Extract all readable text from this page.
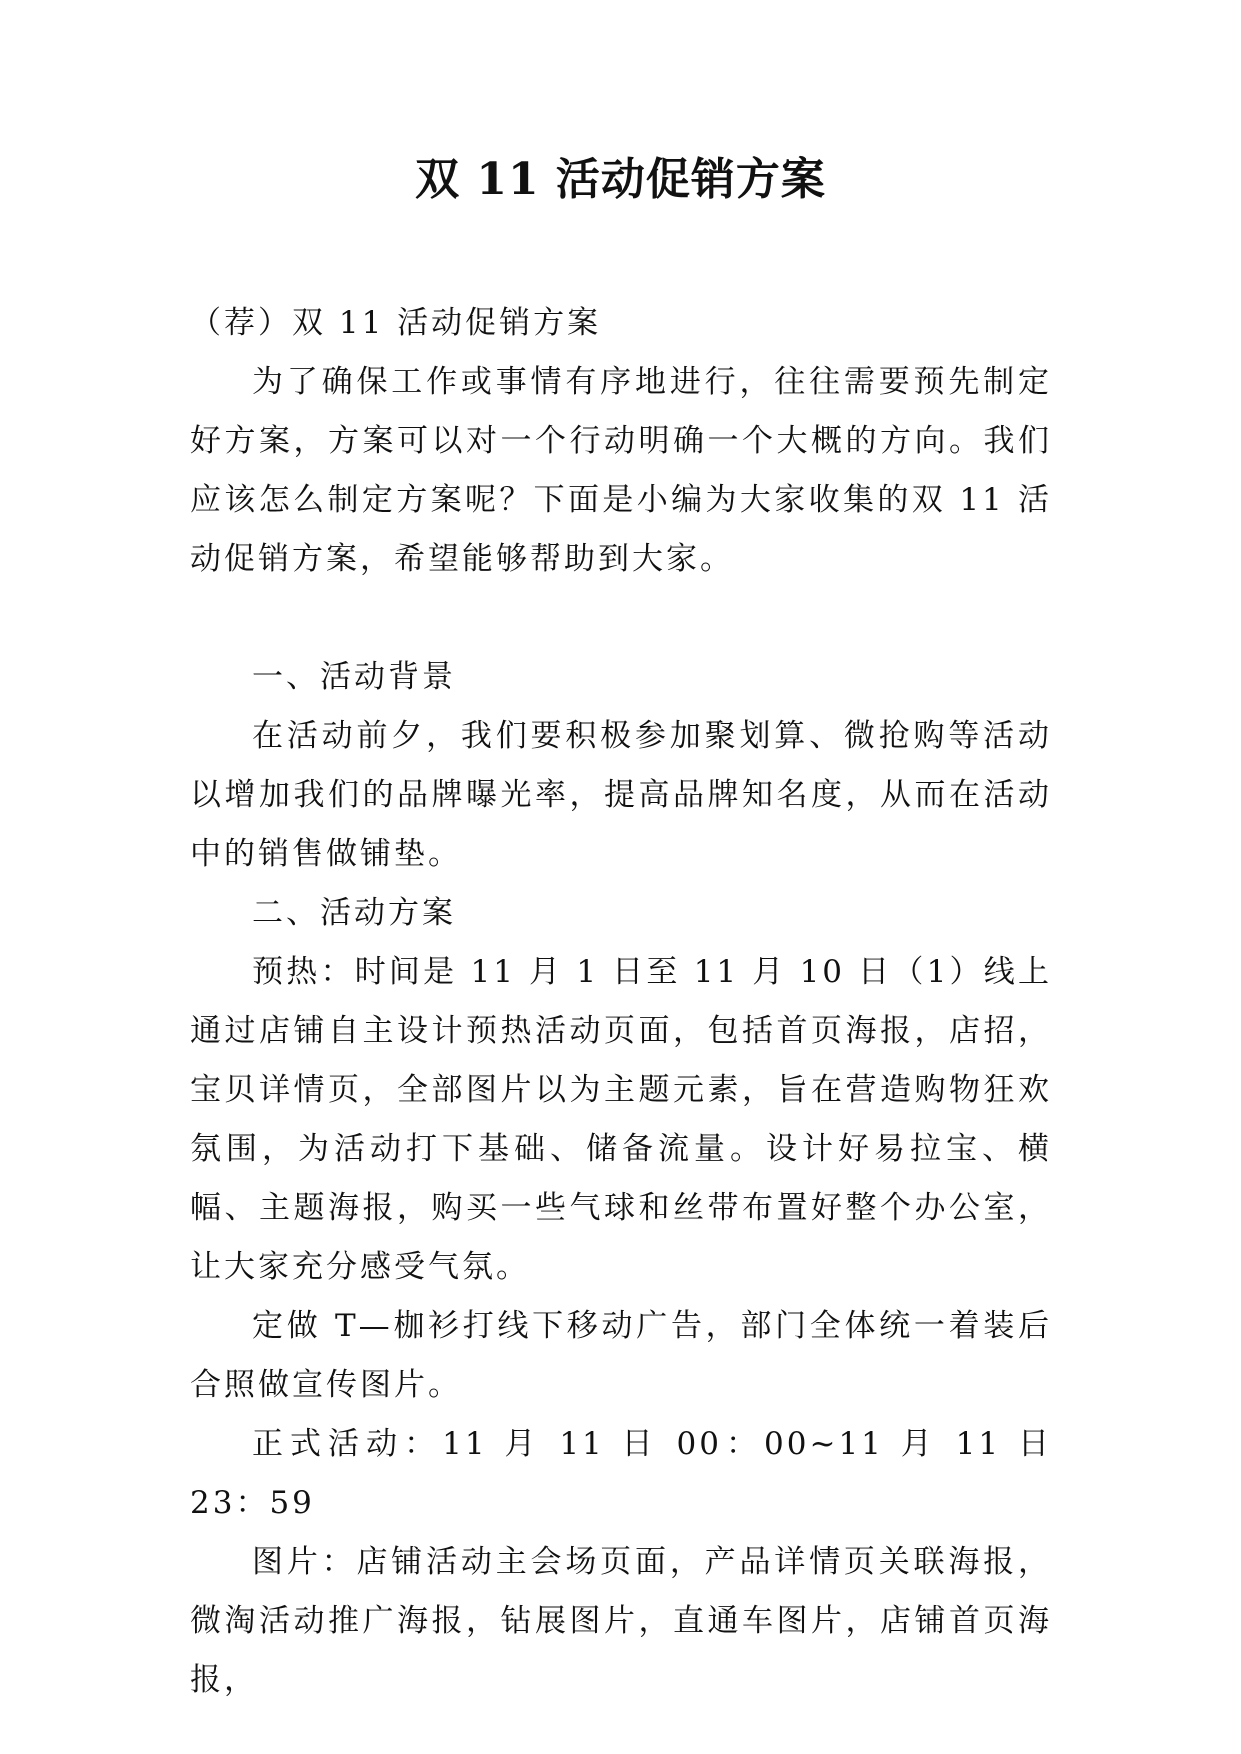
双 11 活动促销方案

（荐）双 11 活动促销方案

为了确保工作或事情有序地进行，往往需要预先制定好方案，方案可以对一个行动明确一个大概的方向。我们应该怎么制定方案呢？下面是小编为大家收集的双 11 活动促销方案，希望能够帮助到大家。

一、活动背景

在活动前夕，我们要积极参加聚划算、微抢购等活动以增加我们的品牌曝光率，提高品牌知名度，从而在活动中的销售做铺垫。

二、活动方案

预热：时间是 11 月 1 日至 11 月 10 日（1）线上通过店铺自主设计预热活动页面，包括首页海报，店招，宝贝详情页，全部图片以为主题元素，旨在营造购物狂欢氛围，为活动打下基础、储备流量。设计好易拉宝、横幅、主题海报，购买一些气球和丝带布置好整个办公室，让大家充分感受气氛。

定做 T—枷衫打线下移动广告，部门全体统一着装后合照做宣传图片。

正式活动：11 月 11 日 00：00~11 月 11 日 23：59

图片：店铺活动主会场页面，产品详情页关联海报，微淘活动推广海报，钻展图片，直通车图片，店铺首页海报，
